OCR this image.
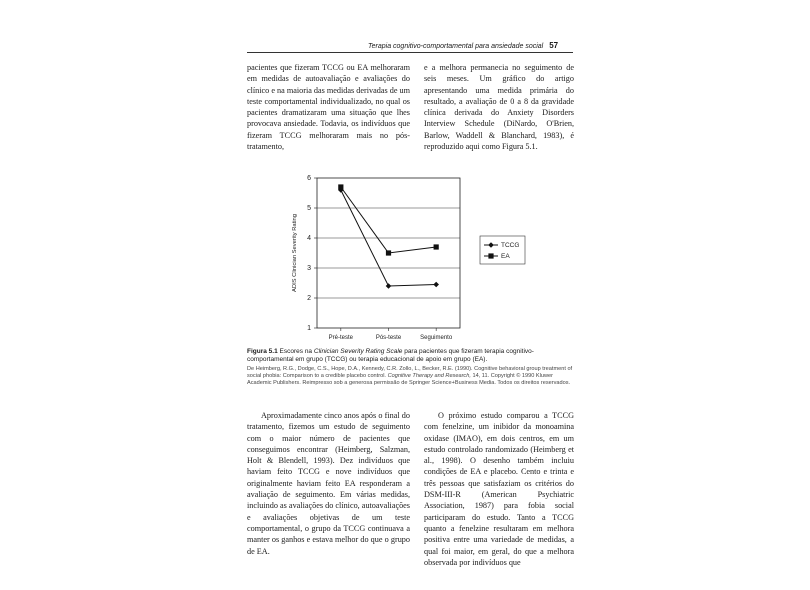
Terapia cognitivo-comportamental para ansiedade social 57

pacientes que fizeram TCCG ou EA melhoraram em medidas de autoavaliação e avaliações do clínico e na maioria das medidas derivadas de um teste comportamental individualizado, no qual os pacientes dramatizaram uma situação que lhes provocava ansiedade. Todavia, os indivíduos que fizeram TCCG melhoraram mais no pós-tratamento,

e a melhora permanecia no seguimento de seis meses. Um gráfico do artigo apresentando uma medida primária do resultado, a avaliação de 0 a 8 da gravidade clínica derivada do Anxiety Disorders Interview Schedule (DiNardo, O'Brien, Barlow, Waddell & Blanchard, 1983), é reproduzido aqui como Figura 5.1.

1
2
3
4
5
6
Pré-teste	Pós-teste	Seguimento
ADIS Clinician Severity Rating	TCCG
EA

Figura 5.1 Escores na Clinician Severity Rating Scale para pacientes que fizeram terapia cognitivo-comportamental em grupo (TCCG) ou terapia educacional de apoio em grupo (EA).

De Heimberg, R.G., Dodge, C.S., Hope, D.A., Kennedy, C.R. Zollo, L., Becker, R.E. (1990). Cognitive behavioral group treatment of social phobia: Comparison to a credible placebo control. Cognitive Therapy and Research, 14, 11. Copyright © 1990 Kluwer Academic Publishers. Reimpresso sob a generosa permissão de Springer Science+Business Media. Todos os direitos reservados.

Aproximadamente cinco anos após o final do tratamento, fizemos um estudo de seguimento com o maior número de pacientes que conseguimos encontrar (Heimberg, Salzman, Holt & Blendell, 1993). Dez indivíduos que haviam feito TCCG e nove indivíduos que originalmente haviam feito EA responderam a avaliação de seguimento. Em várias medidas, incluindo as avaliações do clínico, autoavaliações e avaliações objetivas de um teste comportamental, o grupo da TCCG continuava a manter os ganhos e estava melhor do que o grupo de EA.

O próximo estudo comparou a TCCG com fenelzine, um inibidor da monoamina oxidase (IMAO), em dois centros, em um estudo controlado randomizado (Heimberg et al., 1998). O desenho também incluiu condições de EA e placebo. Cento e trinta e três pessoas que satisfaziam os critérios do DSM-III-R (American Psychiatric Association, 1987) para fobia social participaram do estudo. Tanto a TCCG quanto a fenelzine resultaram em melhora positiva entre uma variedade de medidas, a qual foi maior, em geral, do que a melhora observada por indivíduos que
